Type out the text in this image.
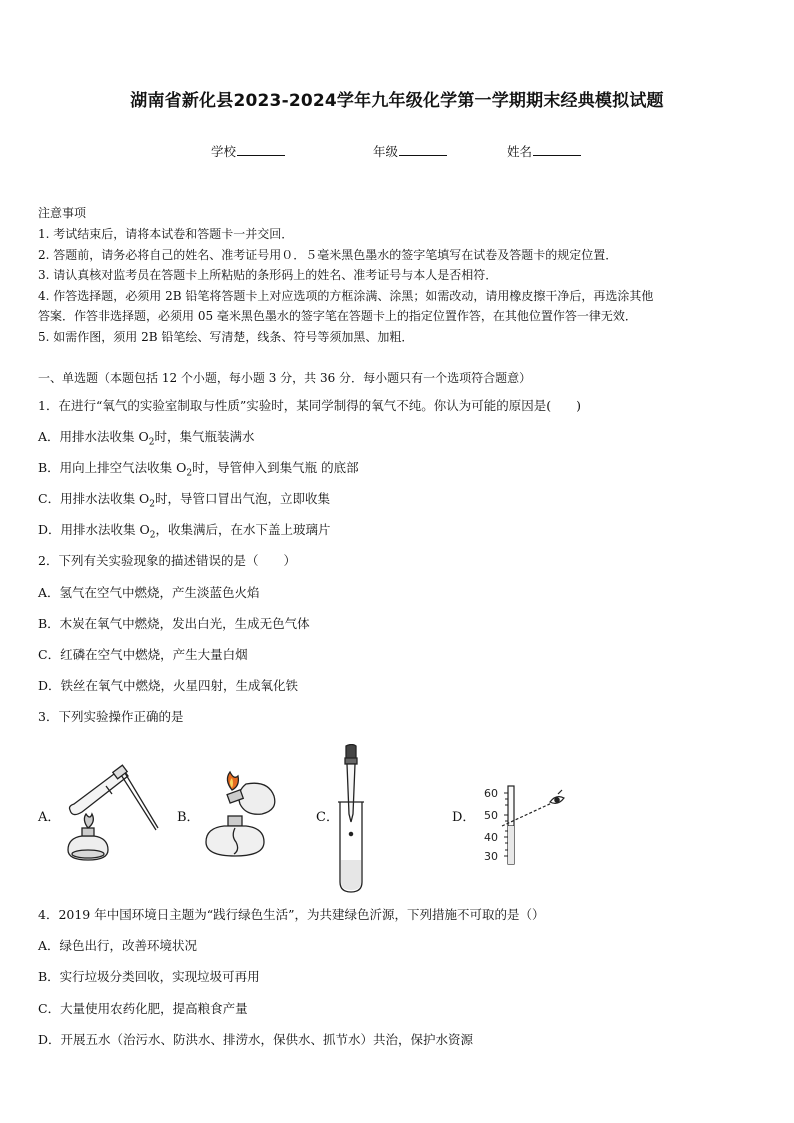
湖南省新化县2023-2024学年九年级化学第一学期期末经典模拟试题
学校	年级	姓名
注意事项
1. 考试结束后，请将本试卷和答题卡一并交回．
2. 答题前，请务必将自己的姓名、准考证号用０．５毫米黑色墨水的签字笔填写在试卷及答题卡的规定位置．
3. 请认真核对监考员在答题卡上所粘贴的条形码上的姓名、准考证号与本人是否相符．
4. 作答选择题，必须用 2B 铅笔将答题卡上对应选项的方框涂满、涂黑；如需改动，请用橡皮擦干净后，再选涂其他
答案．作答非选择题，必须用 05 毫米黑色墨水的签字笔在答题卡上的指定位置作答，在其他位置作答一律无效．
5. 如需作图，须用 2B 铅笔绘、写清楚，线条、符号等须加黑、加粗．
一、单选题（本题包括 12 个小题，每小题 3 分，共 36 分．每小题只有一个选项符合题意）
1．在进行“氧气的实验室制取与性质”实验时，某同学制得的氧气不纯。你认为可能的原因是(　　)
A．用排水法收集 $O_2$时，集气瓶装满水
B．用向上排空气法收集 $O_2$时，导管伸入到集气瓶 的底部
C．用排水法收集 $O_2$时，导管口冒出气泡，立即收集
D．用排水法收集 $O_2$，收集满后，在水下盖上玻璃片
2．下列有关实验现象的描述错误的是（　　）
A．氢气在空气中燃烧，产生淡蓝色火焰
B．木炭在氧气中燃烧，发出白光，生成无色气体
C．红磷在空气中燃烧，产生大量白烟
D．铁丝在氧气中燃烧，火星四射，生成氧化铁
3．下列实验操作正确的是
A．	B．	C．	D．
60
50
40
30
4．2019 年中国环境日主题为“践行绿色生活”，为共建绿色沂源，下列措施不可取的是（）
A．绿色出行，改善环境状况
B．实行垃圾分类回收，实现垃圾可再用
C．大量使用农药化肥，提高粮食产量
D．开展五水（治污水、防洪水、排涝水，保供水、抓节水）共治，保护水资源
